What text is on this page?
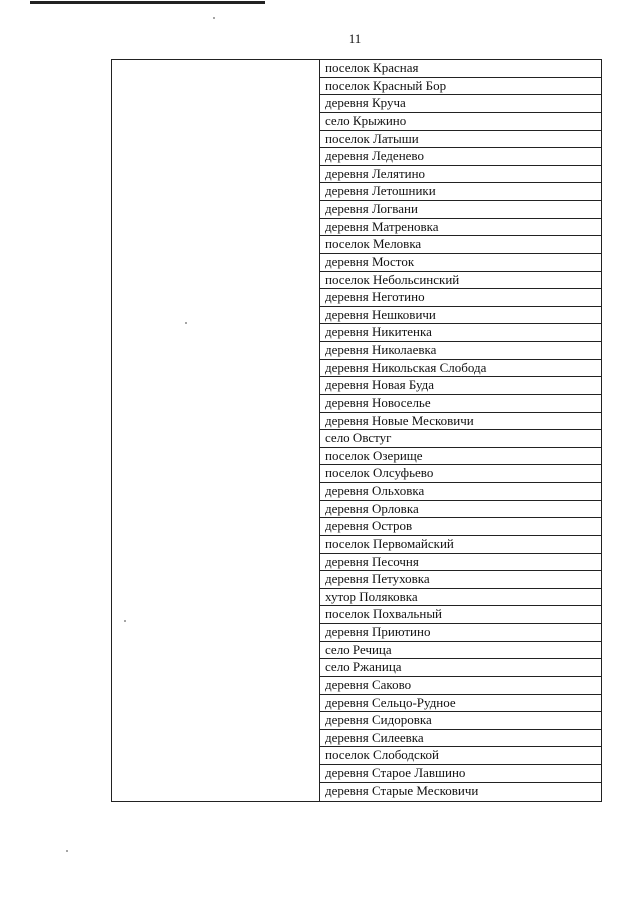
11
поселок Красная
поселок Красный Бор
деревня Круча
село Крыжино
поселок Латыши
деревня Леденево
деревня Лелятино
деревня Летошники
деревня Логвани
деревня Матреновка
поселок Меловка
деревня Мосток
поселок Небольсинский
деревня Неготино
деревня Нешковичи
деревня Никитенка
деревня Николаевка
деревня Никольская Слобода
деревня Новая Буда
деревня Новоселье
деревня Новые Месковичи
село Овстуг
поселок Озерище
поселок Олсуфьево
деревня Ольховка
деревня Орловка
деревня Остров
поселок Первомайский
деревня Песочня
деревня Петуховка
хутор Поляковка
поселок Похвальный
деревня Приютино
село Речица
село Ржаница
деревня Саково
деревня Сельцо-Рудное
деревня Сидоровка
деревня Силеевка
поселок Слободской
деревня Старое Лавшино
деревня Старые Месковичи
